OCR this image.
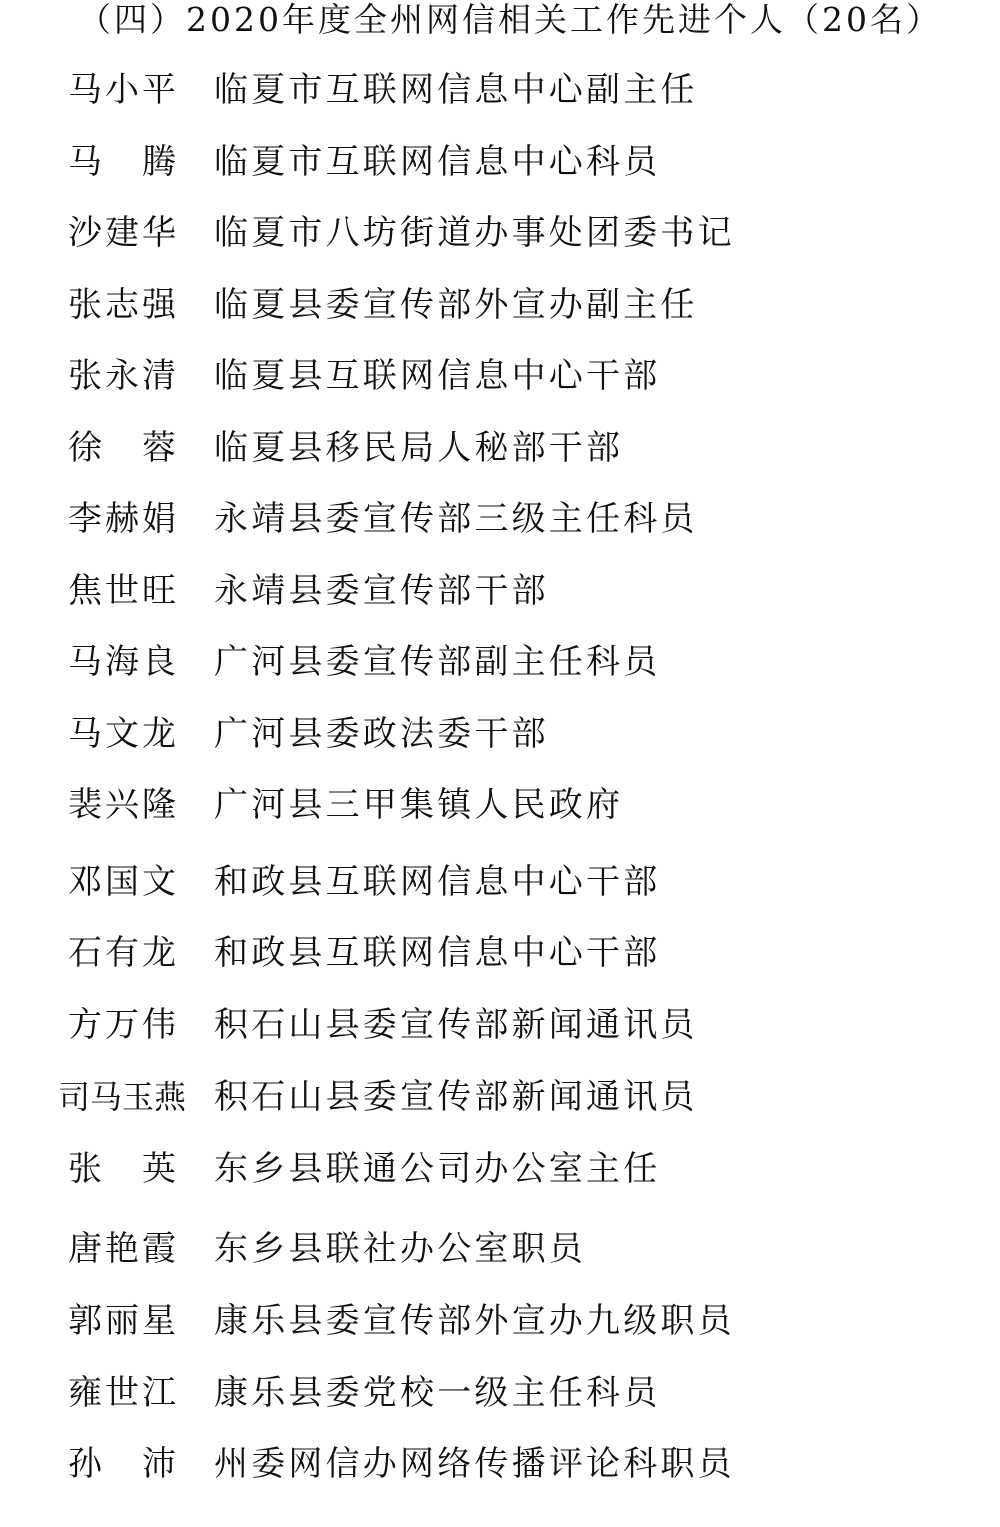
（四）2020年度全州网信相关工作先进个人（20名）
马 小 平 临夏市互联网信息中心副主任
马 腾 临夏市互联网信息中心科员
沙 建 华 临夏市八坊街道办事处团委书记
张 志 强 临夏县委宣传部外宣办副主任
张 永 清 临夏县互联网信息中心干部
徐 蓉 临夏县移民局人秘部干部
李 赫 娟 永靖县委宣传部三级主任科员
焦 世 旺 永靖县委宣传部干部
马 海 良 广河县委宣传部副主任科员
马 文 龙 广河县委政法委干部
裴 兴 隆 广河县三甲集镇人民政府
邓 国 文 和政县互联网信息中心干部
石 有 龙 和政县互联网信息中心干部
方 万 伟 积石山县委宣传部新闻通讯员
司 马 玉 燕 积石山县委宣传部新闻通讯员
张 英 东乡县联通公司办公室主任
唐 艳 霞 东乡县联社办公室职员
郭 丽 星 康乐县委宣传部外宣办九级职员
雍 世 江 康乐县委党校一级主任科员
孙 沛 州委网信办网络传播评论科职员
